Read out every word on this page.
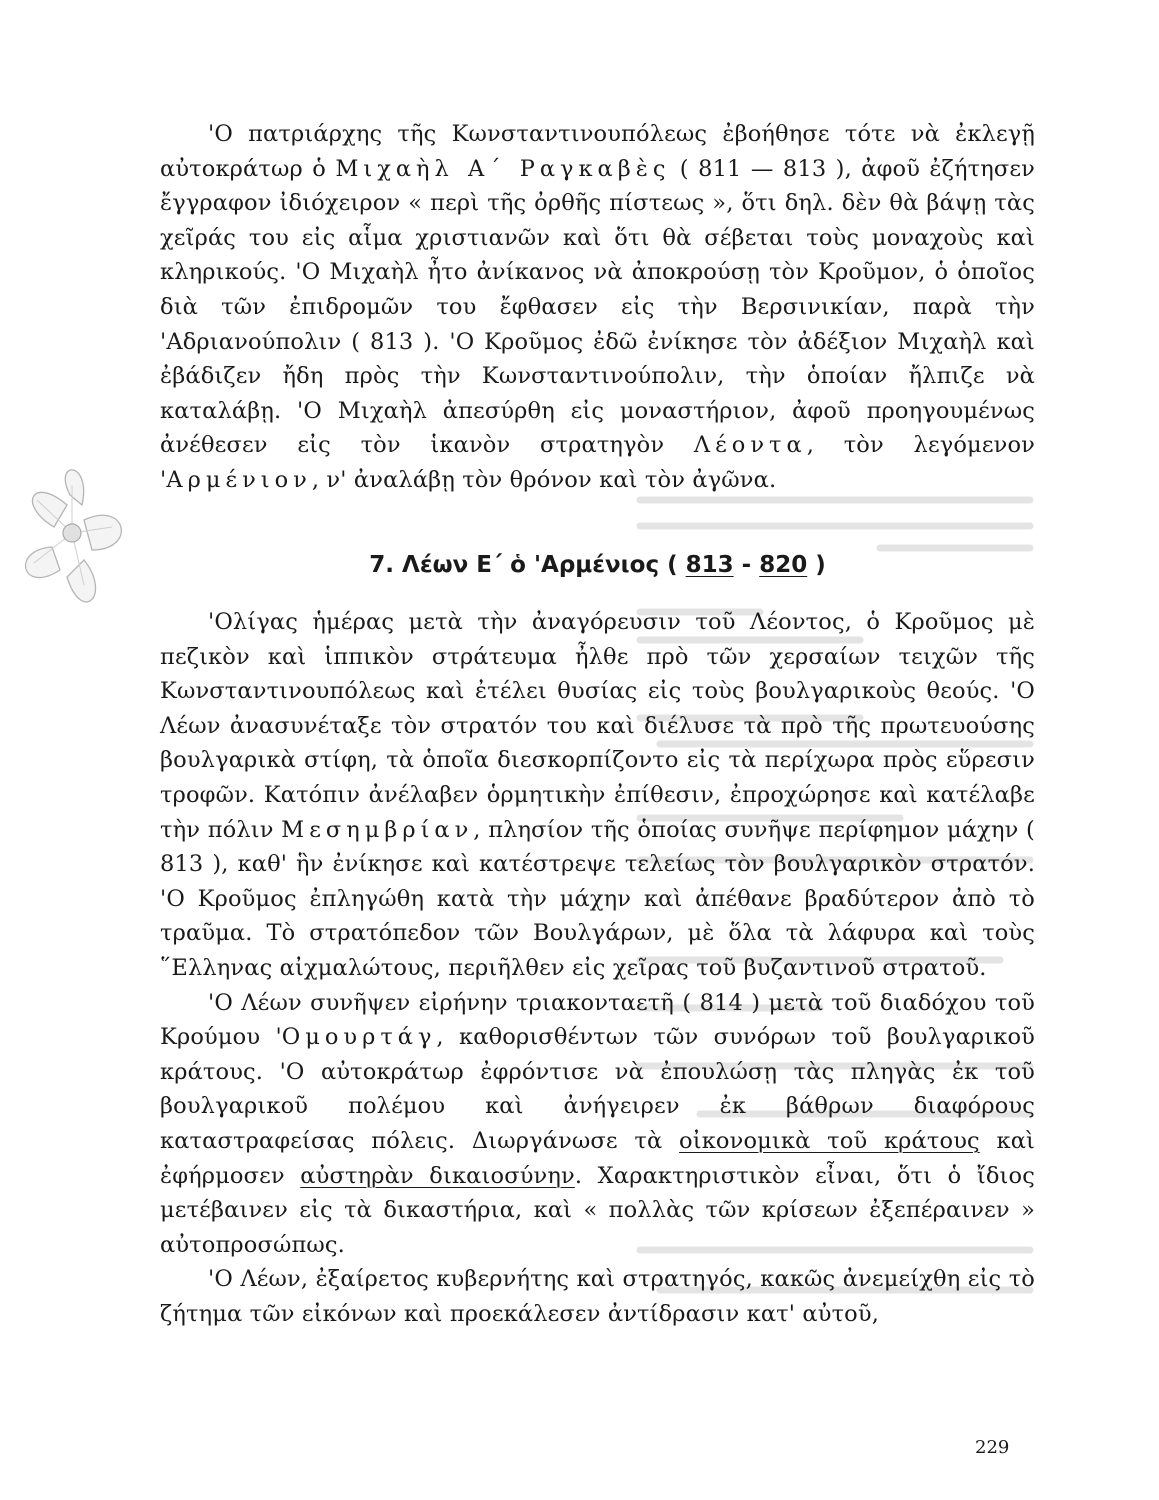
'Ο πατριάρχης τῆς Κωνσταντινουπόλεως ἐβοήθησε τότε νὰ ἐκλεγῇ αὐτοκράτωρ ὁ Μιχαὴλ Α΄ Ραγκαβὲς ( 811 — 813 ), ἀφοῦ ἐζήτησεν ἔγγραφον ἰδιόχειρον « περὶ τῆς ὀρθῆς πίστεως », ὅτι δηλ. δὲν θὰ βάψῃ τὰς χεῖράς του εἰς αἷμα χριστιανῶν καὶ ὅτι θὰ σέβεται τοὺς μοναχοὺς καὶ κληρικούς. 'Ο Μιχαὴλ ἦτο ἀνίκανος νὰ ἀποκρούσῃ τὸν Κροῦμον, ὁ ὁποῖος διὰ τῶν ἐπιδρομῶν του ἔφθασεν εἰς τὴν Βερσινικίαν, παρὰ τὴν 'Αδριανούπολιν ( 813 ). 'Ο Κροῦμος ἐδῶ ἐνίκησε τὸν ἀδέξιον Μιχαὴλ καὶ ἐβάδιζεν ἤδη πρὸς τὴν Κωνσταντινούπολιν, τὴν ὁποίαν ἤλπιζε νὰ καταλάβῃ. 'Ο Μιχαὴλ ἀπεσύρθη εἰς μοναστήριον, ἀφοῦ προηγουμένως ἀνέθεσεν εἰς τὸν ἱκανὸν στρατηγὸν Λέοντα, τὸν λεγόμενον 'Αρμένιον, ν' ἀναλάβῃ τὸν θρόνον καὶ τὸν ἀγῶνα.

7. Λέων Ε΄ ὁ 'Αρμένιος ( 813 - 820 )

'Ολίγας ἡμέρας μετὰ τὴν ἀναγόρευσιν τοῦ Λέοντος, ὁ Κροῦμος μὲ πεζικὸν καὶ ἱππικὸν στράτευμα ἦλθε πρὸ τῶν χερσαίων τειχῶν τῆς Κωνσταντινουπόλεως καὶ ἐτέλει θυσίας εἰς τοὺς βουλγαρικοὺς θεούς. 'Ο Λέων ἀνασυνέταξε τὸν στρατόν του καὶ διέλυσε τὰ πρὸ τῆς πρωτευούσης βουλγαρικὰ στίφη, τὰ ὁποῖα διεσκορπίζοντο εἰς τὰ περίχωρα πρὸς εὕρεσιν τροφῶν. Κατόπιν ἀνέλαβεν ὁρμητικὴν ἐπίθεσιν, ἐπροχώρησε καὶ κατέλαβε τὴν πόλιν Μεσημβρίαν, πλησίον τῆς ὁποίας συνῆψε περίφημον μάχην ( 813 ), καθ' ἣν ἐνίκησε καὶ κατέστρεψε τελείως τὸν βουλγαρικὸν στρατόν. 'Ο Κροῦμος ἐπληγώθη κατὰ τὴν μάχην καὶ ἀπέθανε βραδύτερον ἀπὸ τὸ τραῦμα. Τὸ στρατόπεδον τῶν Βουλγάρων, μὲ ὅλα τὰ λάφυρα καὶ τοὺς ῞Ελληνας αἰχμαλώτους, περιῆλθεν εἰς χεῖρας τοῦ βυζαντινοῦ στρατοῦ.

'Ο Λέων συνῆψεν εἰρήνην τριακονταετῆ ( 814 ) μετὰ τοῦ διαδόχου τοῦ Κρούμου 'Ομουρτάγ, καθορισθέντων τῶν συνόρων τοῦ βουλγαρικοῦ κράτους. 'Ο αὐτοκράτωρ ἐφρόντισε νὰ ἐπουλώσῃ τὰς πληγὰς ἐκ τοῦ βουλγαρικοῦ πολέμου καὶ ἀνήγειρεν ἐκ βάθρων διαφόρους καταστραφείσας πόλεις. Διωργάνωσε τὰ οἰκονομικὰ τοῦ κράτους καὶ ἐφήρμοσεν αὐστηρὰν δικαιοσύνην. Χαρακτηριστικὸν εἶναι, ὅτι ὁ ἴδιος μετέβαινεν εἰς τὰ δικαστήρια, καὶ « πολλὰς τῶν κρίσεων ἐξεπέραινεν » αὐτοπροσώπως.

'Ο Λέων, ἐξαίρετος κυβερνήτης καὶ στρατηγός, κακῶς ἀνεμείχθη εἰς τὸ ζήτημα τῶν εἰκόνων καὶ προεκάλεσεν ἀντίδρασιν κατ' αὐτοῦ,

229
